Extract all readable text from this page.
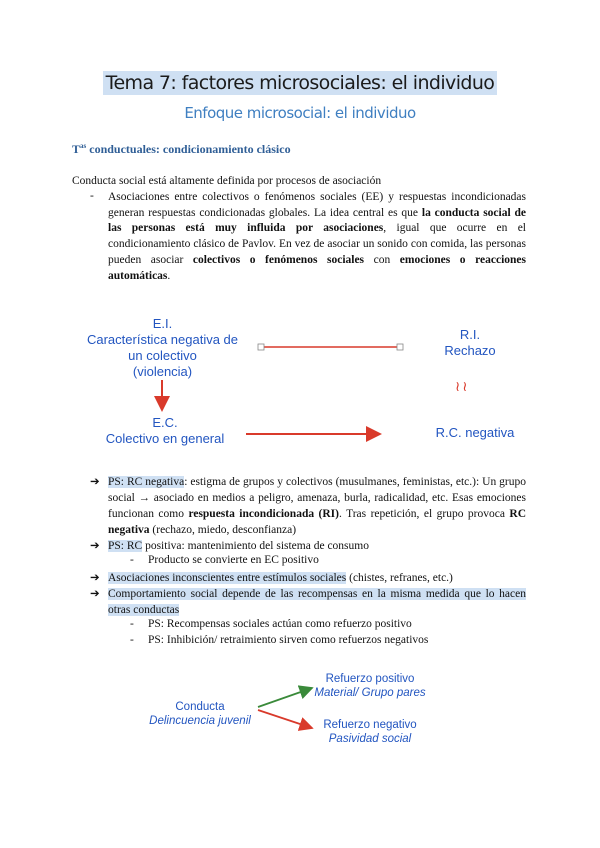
Tema 7: factores microsociales: el individuo
Enfoque microsocial: el individuo
$T^{as}$ conductuales: condicionamiento clásico
Conducta social está altamente definida por procesos de asociación
- Asociaciones entre colectivos o fenómenos sociales (EE) y respuestas incondicionadas generan respuestas condicionadas globales. La idea central es que la conducta social de las personas está muy influida por asociaciones, igual que ocurre en el condicionamiento clásico de Pavlov. En vez de asociar un sonido con comida, las personas pueden asociar colectivos o fenómenos sociales con emociones o reacciones automáticas.
E.I.
Característica negativa de
un colectivo
(violencia)
R.I.
Rechazo
≀≀
E.C.
Colectivo en general	R.C. negativa
➔ PS: RC negativa: estigma de grupos y colectivos (musulmanes, feministas, etc.): Un grupo social → asociado en medios a peligro, amenaza, burla, radicalidad, etc. Esas emociones funcionan como respuesta incondicionada (RI). Tras repetición, el grupo provoca RC negativa (rechazo, miedo, desconfianza)
➔ PS: RC positiva: mantenimiento del sistema de consumo
- Producto se convierte en EC positivo
➔ Asociaciones inconscientes entre estímulos sociales (chistes, refranes, etc.)
➔ Comportamiento social depende de las recompensas en la misma medida que lo hacen otras conductas
- PS: Recompensas sociales actúan como refuerzo positivo
- PS: Inhibición/ retraimiento sirven como refuerzos negativos
Conducta
Delincuencia juvenil
Refuerzo positivo
Material/ Grupo pares
Refuerzo negativo
Pasividad social
